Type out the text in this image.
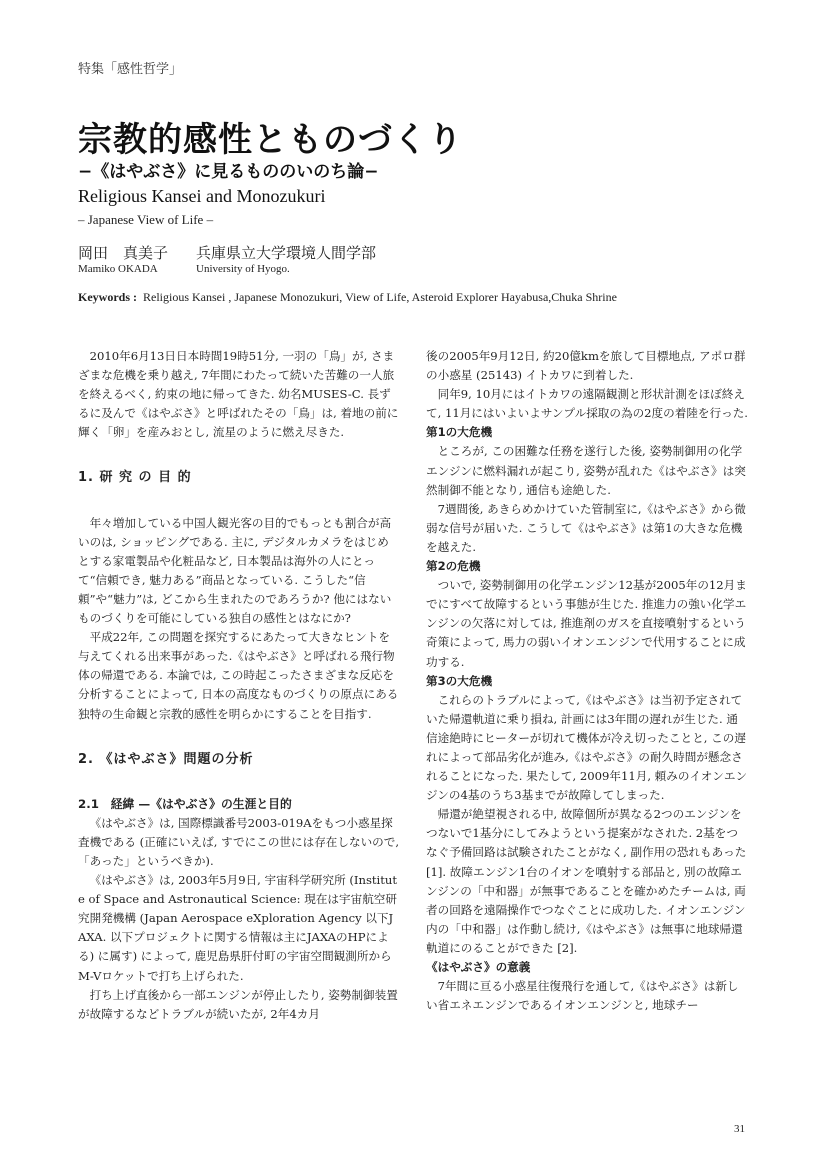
特集「感性哲学」
宗教的感性とものづくり
−《はやぶさ》に見るもののいのち論−
Religious Kansei and Monozukuri
– Japanese View of Life –
岡田　真美子 兵庫県立大学環境人間学部
Mamiko OKADA	University of Hyogo.
Keywords : Religious Kansei , Japanese Monozukuri, View of Life, Asteroid Explorer Hayabusa,Chuka Shrine

2010年6月13日日本時間19時51分, 一羽の「鳥」が, さまざまな危機を乗り越え, 7年間にわたって続いた苦難の一人旅を終えるべく, 約束の地に帰ってきた. 幼名MUSES-C. 長ずるに及んで《はやぶさ》と呼ばれたその「鳥」は, 着地の前に輝く「卵」を産みおとし, 流星のように燃え尽きた.

1. 研 究 の 目 的

年々増加している中国人観光客の目的でもっとも割合が高いのは, ショッピングである. 主に, デジタルカメラをはじめとする家電製品や化粧品など, 日本製品は海外の人にとって“信頼でき, 魅力ある”商品となっている. こうした“信頼”や“魅力”は, どこから生まれたのであろうか? 他にはないものづくりを可能にしている独自の感性とはなにか?

平成22年, この問題を探究するにあたって大きなヒントを与えてくれる出来事があった.《はやぶさ》と呼ばれる飛行物体の帰還である. 本論では, この時起こったさまざまな反応を分析することによって, 日本の高度なものづくりの原点にある独特の生命観と宗教的感性を明らかにすることを目指す.

2. 《はやぶさ》問題の分析
2.1　経緯 —《はやぶさ》の生涯と目的

《はやぶさ》は, 国際標識番号2003-019Aをもつ小惑星探査機である (正確にいえば, すでにこの世には存在しないので,「あった」というべきか).

《はやぶさ》は, 2003年5月9日, 宇宙科学研究所 (Institute of Space and Astronautical Science: 現在は宇宙航空研究開発機構 (Japan Aerospace eXploration Agency 以下JAXA. 以下プロジェクトに関する情報は主にJAXAのHPによる) に属す) によって, 鹿児島県肝付町の宇宙空間観測所からM-Vロケットで打ち上げられた.

打ち上げ直後から一部エンジンが停止したり, 姿勢制御装置が故障するなどトラブルが続いたが, 2年4カ月

後の2005年9月12日, 約20億kmを旅して目標地点, アポロ群の小惑星 (25143) イトカワに到着した.

同年9, 10月にはイトカワの遠隔観測と形状計測をほぼ終えて, 11月にはいよいよサンプル採取の為の2度の着陸を行った.

第1の大危機

ところが, この困難な任務を遂行した後, 姿勢制御用の化学エンジンに燃料漏れが起こり, 姿勢が乱れた《はやぶさ》は突然制御不能となり, 通信も途絶した.

7週間後, あきらめかけていた管制室に,《はやぶさ》から微弱な信号が届いた. こうして《はやぶさ》は第1の大きな危機を越えた.

第2の危機

ついで, 姿勢制御用の化学エンジン12基が2005年の12月までにすべて故障するという事態が生じた. 推進力の強い化学エンジンの欠落に対しては, 推進剤のガスを直接噴射するという奇策によって, 馬力の弱いイオンエンジンで代用することに成功する.

第3の大危機

これらのトラブルによって,《はやぶさ》は当初予定されていた帰還軌道に乗り損ね, 計画には3年間の遅れが生じた. 通信途絶時にヒーターが切れて機体が冷え切ったことと, この遅れによって部品劣化が進み,《はやぶさ》の耐久時間が懸念されることになった. 果たして, 2009年11月, 頼みのイオンエンジンの4基のうち3基までが故障してしまった.

帰還が絶望視される中, 故障個所が異なる2つのエンジンをつないで1基分にしてみようという提案がなされた. 2基をつなぐ予備回路は試験されたことがなく, 副作用の恐れもあった [1]. 故障エンジン1台のイオンを噴射する部品と, 別の故障エンジンの「中和器」が無事であることを確かめたチームは, 両者の回路を遠隔操作でつなぐことに成功した. イオンエンジン内の「中和器」は作動し続け,《はやぶさ》は無事に地球帰還軌道にのることができた [2].

《はやぶさ》の意義

7年間に亘る小惑星往復飛行を通して,《はやぶさ》は新しい省エネエンジンであるイオンエンジンと, 地球チー

31
